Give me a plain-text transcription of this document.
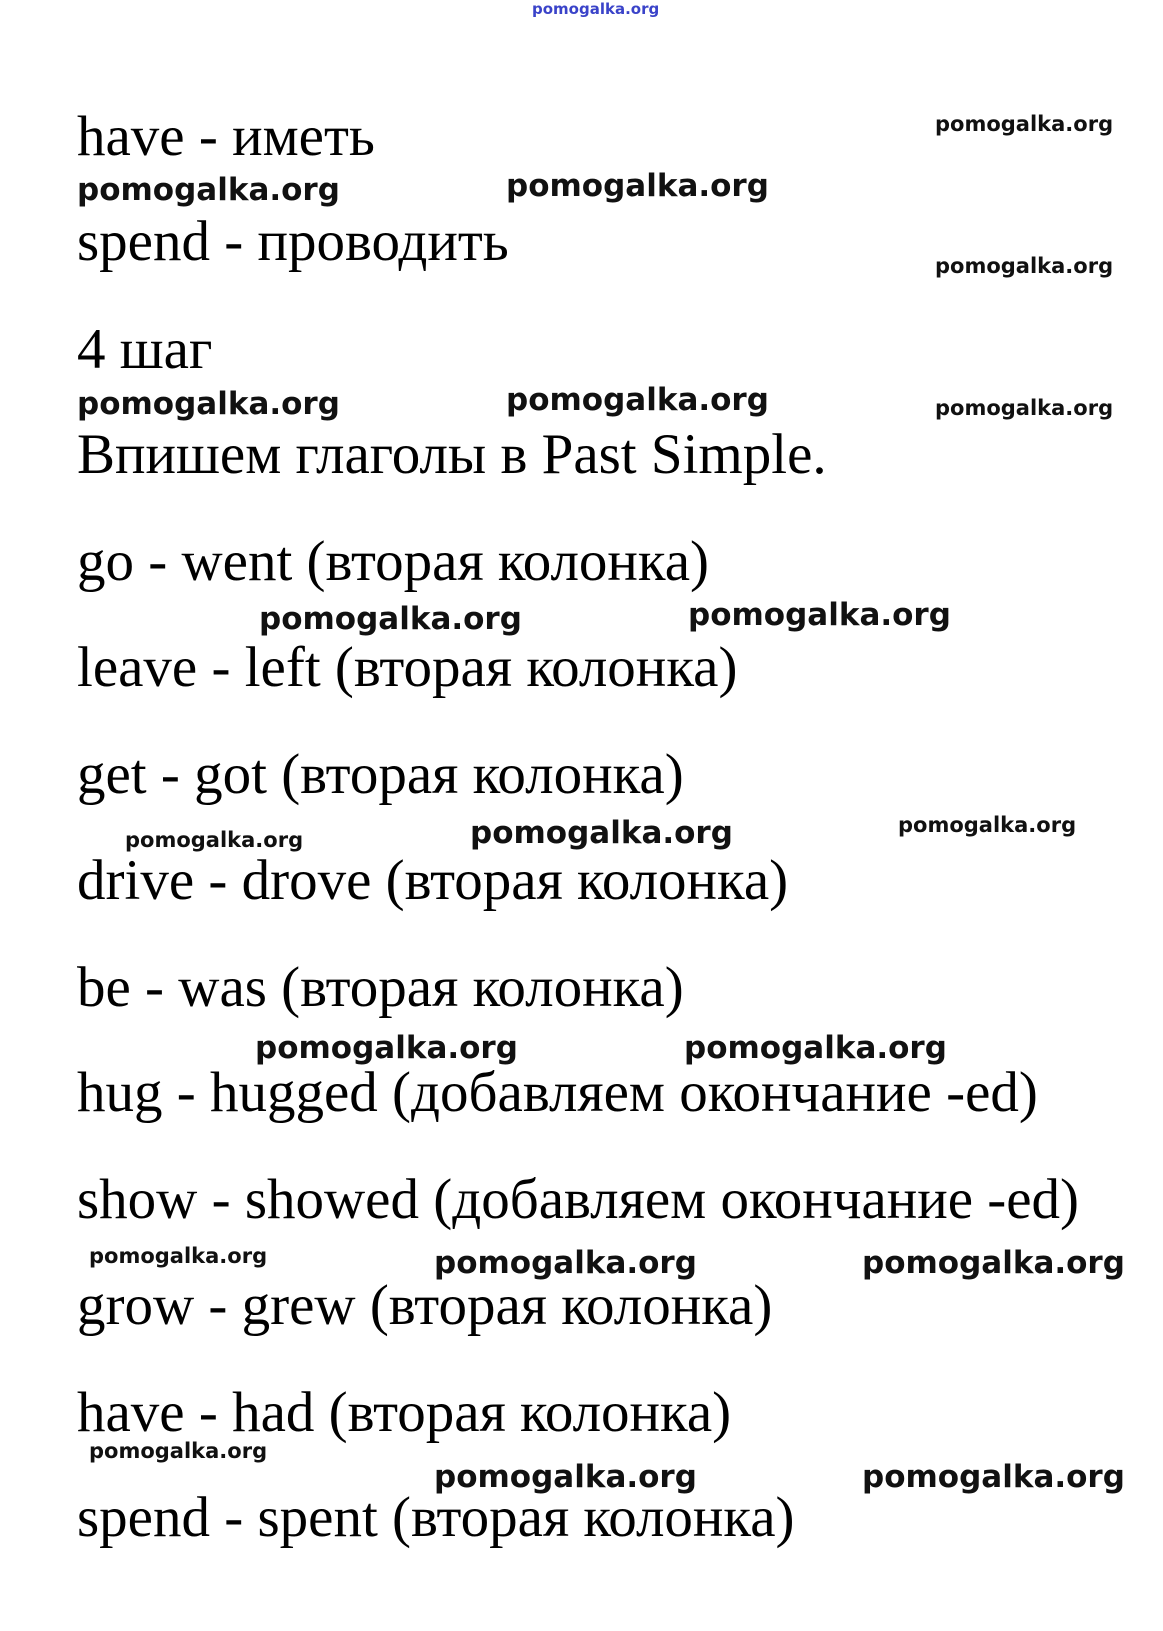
pomogalka.org

have - иметь

spend - проводить

4 шаг

Впишем глаголы в Past Simple.

go - went (вторая колонка)

leave - left (вторая колонка)

get - got (вторая колонка)

drive - drove (вторая колонка)

be - was (вторая колонка)

hug - hugged (добавляем окончание -ed)

show - showed (добавляем окончание -ed)

grow - grew (вторая колонка)

have - had (вторая колонка)

spend - spent (вторая колонка)

pomogalka.org
pomogalka.org	pomogalka.org
pomogalka.org
pomogalka.org	pomogalka.org	pomogalka.org
pomogalka.org	pomogalka.org
pomogalka.org	pomogalka.org	pomogalka.org
pomogalka.org	pomogalka.org
pomogalka.org	pomogalka.org	pomogalka.org
pomogalka.org
pomogalka.org	pomogalka.org
